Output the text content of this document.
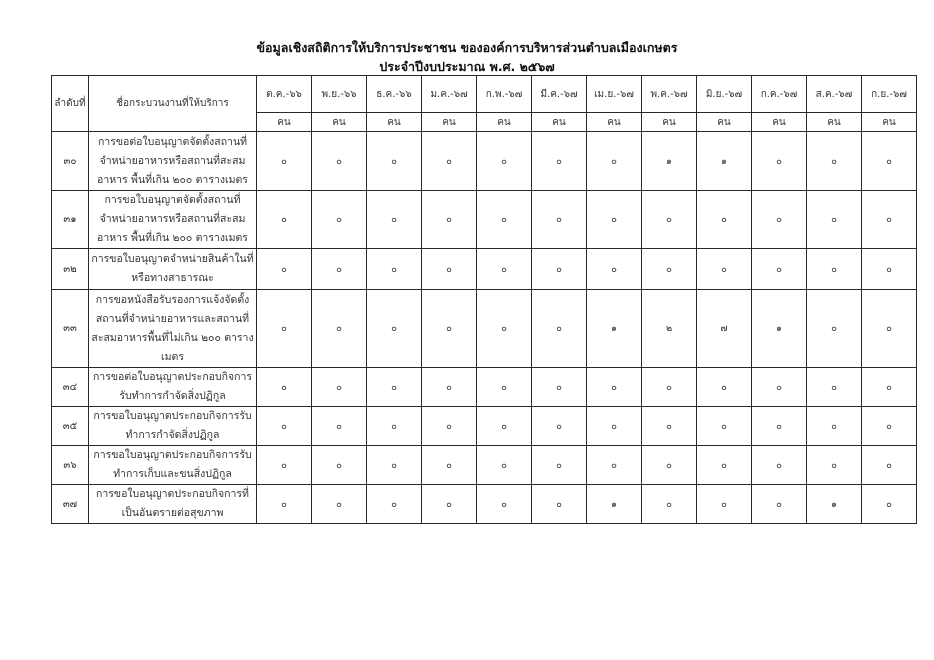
ข้อมูลเชิงสถิติการให้บริการประชาชน ขององค์การบริหารส่วนตำบลเมืองเกษตร
ประจำปีงบประมาณ พ.ศ. ๒๕๖๗
ลำดับที่	ชื่อกระบวนงานที่ให้บริการ	ต.ค.-๖๖	พ.ย.-๖๖	ธ.ค.-๖๖	ม.ค.-๖๗	ก.พ.-๖๗	มี.ค.-๖๗	เม.ย.-๖๗	พ.ค.-๖๗	มิ.ย.-๖๗	ก.ค.-๖๗	ส.ค.-๖๗	ก.ย.-๖๗
		คน	คน	คน	คน	คน	คน	คน	คน	คน	คน	คน	คน
๓๐	การขอต่อใบอนุญาตจัดตั้งสถานที่จำหน่ายอาหารหรือสถานที่สะสมอาหาร พื้นที่เกิน ๒๐๐ ตารางเมตร	๐	๐	๐	๐	๐	๐	๐	๑	๑	๐	๐	๐
๓๑	การขอใบอนุญาตจัดตั้งสถานที่จำหน่ายอาหารหรือสถานที่สะสมอาหาร พื้นที่เกิน ๒๐๐ ตารางเมตร	๐	๐	๐	๐	๐	๐	๐	๐	๐	๐	๐	๐
๓๒	การขอใบอนุญาตจำหน่ายสินค้าในที่หรือทางสาธารณะ	๐	๐	๐	๐	๐	๐	๐	๐	๐	๐	๐	๐
๓๓	การขอหนังสือรับรองการแจ้งจัดตั้งสถานที่จำหน่ายอาหารและสถานที่สะสมอาหารพื้นที่ไม่เกิน ๒๐๐ ตารางเมตร	๐	๐	๐	๐	๐	๐	๑	๒	๗	๑	๐	๐
๓๔	การขอต่อใบอนุญาตประกอบกิจการรับทำการกำจัดสิ่งปฏิกูล	๐	๐	๐	๐	๐	๐	๐	๐	๐	๐	๐	๐
๓๕	การขอใบอนุญาตประกอบกิจการรับทำการกำจัดสิ่งปฏิกูล	๐	๐	๐	๐	๐	๐	๐	๐	๐	๐	๐	๐
๓๖	การขอใบอนุญาตประกอบกิจการรับทำการเก็บและขนสิ่งปฏิกูล	๐	๐	๐	๐	๐	๐	๐	๐	๐	๐	๐	๐
๓๗	การขอใบอนุญาตประกอบกิจการที่เป็นอันตรายต่อสุขภาพ	๐	๐	๐	๐	๐	๐	๑	๐	๐	๐	๑	๐
